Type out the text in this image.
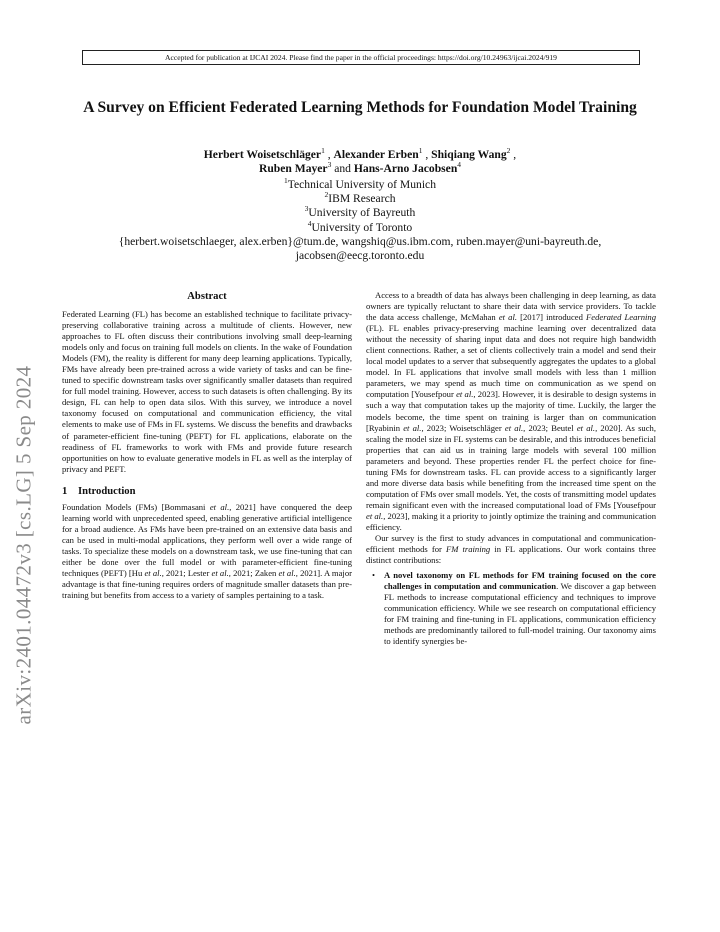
Accepted for publication at IJCAI 2024. Please find the paper in the official proceedings: https://doi.org/10.24963/ijcai.2024/919
arXiv:2401.04472v3 [cs.LG] 5 Sep 2024
A Survey on Efficient Federated Learning Methods for Foundation Model Training
Herbert Woisetschläger$^1$ , Alexander Erben$^1$ , Shiqiang Wang$^2$ ,
Ruben Mayer$^3$ and Hans-Arno Jacobsen$^4$
$^1$Technical University of Munich
$^2$IBM Research
$^3$University of Bayreuth
$^4$University of Toronto
{herbert.woisetschlaeger, alex.erben}@tum.de, wangshiq@us.ibm.com, ruben.mayer@uni-bayreuth.de,
jacobsen@eecg.toronto.edu
Abstract

Federated Learning (FL) has become an established technique to facilitate privacy-preserving collaborative training across a multitude of clients. However, new approaches to FL often discuss their contributions involving small deep-learning models only and focus on training full models on clients. In the wake of Foundation Models (FM), the reality is different for many deep learning applications. Typically, FMs have already been pre-trained across a wide variety of tasks and can be fine-tuned to specific downstream tasks over significantly smaller datasets than required for full model training. However, access to such datasets is often challenging. By its design, FL can help to open data silos. With this survey, we introduce a novel taxonomy focused on computational and communication efficiency, the vital elements to make use of FMs in FL systems. We discuss the benefits and drawbacks of parameter-efficient fine-tuning (PEFT) for FL applications, elaborate on the readiness of FL frameworks to work with FMs and provide future research opportunities on how to evaluate generative models in FL as well as the interplay of privacy and PEFT.

1 Introduction

Foundation Models (FMs) [Bommasani et al., 2021] have conquered the deep learning world with unprecedented speed, enabling generative artificial intelligence for a broad audience. As FMs have been pre-trained on an extensive data basis and can be used in multi-modal applications, they perform well over a wide range of tasks. To specialize these models on a downstream task, we use fine-tuning that can either be done over the full model or with parameter-efficient fine-tuning techniques (PEFT) [Hu et al., 2021; Lester et al., 2021; Zaken et al., 2021]. A major advantage is that fine-tuning requires orders of magnitude smaller datasets than pre-training but benefits from access to a variety of samples pertaining to a task.

Access to a breadth of data has always been challenging in deep learning, as data owners are typically reluctant to share their data with service providers. To tackle the data access challenge, McMahan et al. [2017] introduced Federated Learning (FL). FL enables privacy-preserving machine learning over decentralized data without the necessity of sharing input data and does not require high bandwidth client connections. Rather, a set of clients collectively train a model and send their local model updates to a server that subsequently aggregates the updates to a global model. In FL applications that involve small models with less than 1 million parameters, we may spend as much time on communication as we spend on computation [Yousefpour et al., 2023]. However, it is desirable to design systems in such a way that computation takes up the majority of time. Luckily, the larger the models become, the time spent on training is larger than on communication [Ryabinin et al., 2023; Woisetschläger et al., 2023; Beutel et al., 2020]. As such, scaling the model size in FL systems can be desirable, and this introduces beneficial properties that can aid us in training large models with several 100 million parameters and beyond. These properties render FL the perfect choice for fine-tuning FMs for downstream tasks. FL can provide access to a significantly larger and more diverse data basis while benefiting from the increased time spent on the computation of FMs over small models. Yet, the costs of transmitting model updates remain significant even with the increased computational load of FMs [Yousefpour et al., 2023], making it a priority to jointly optimize the training and communication efficiency.

Our survey is the first to study advances in computational and communication-efficient methods for FM training in FL applications. Our work contains three distinct contributions:

• A novel taxonomy on FL methods for FM training focused on the core challenges in computation and communication. We discover a gap between FL methods to increase computational efficiency and techniques to improve communication efficiency. While we see research on computational efficiency for FM training and fine-tuning in FL applications, communication efficiency methods are predominantly tailored to full-model training. Our taxonomy aims to identify synergies be-
